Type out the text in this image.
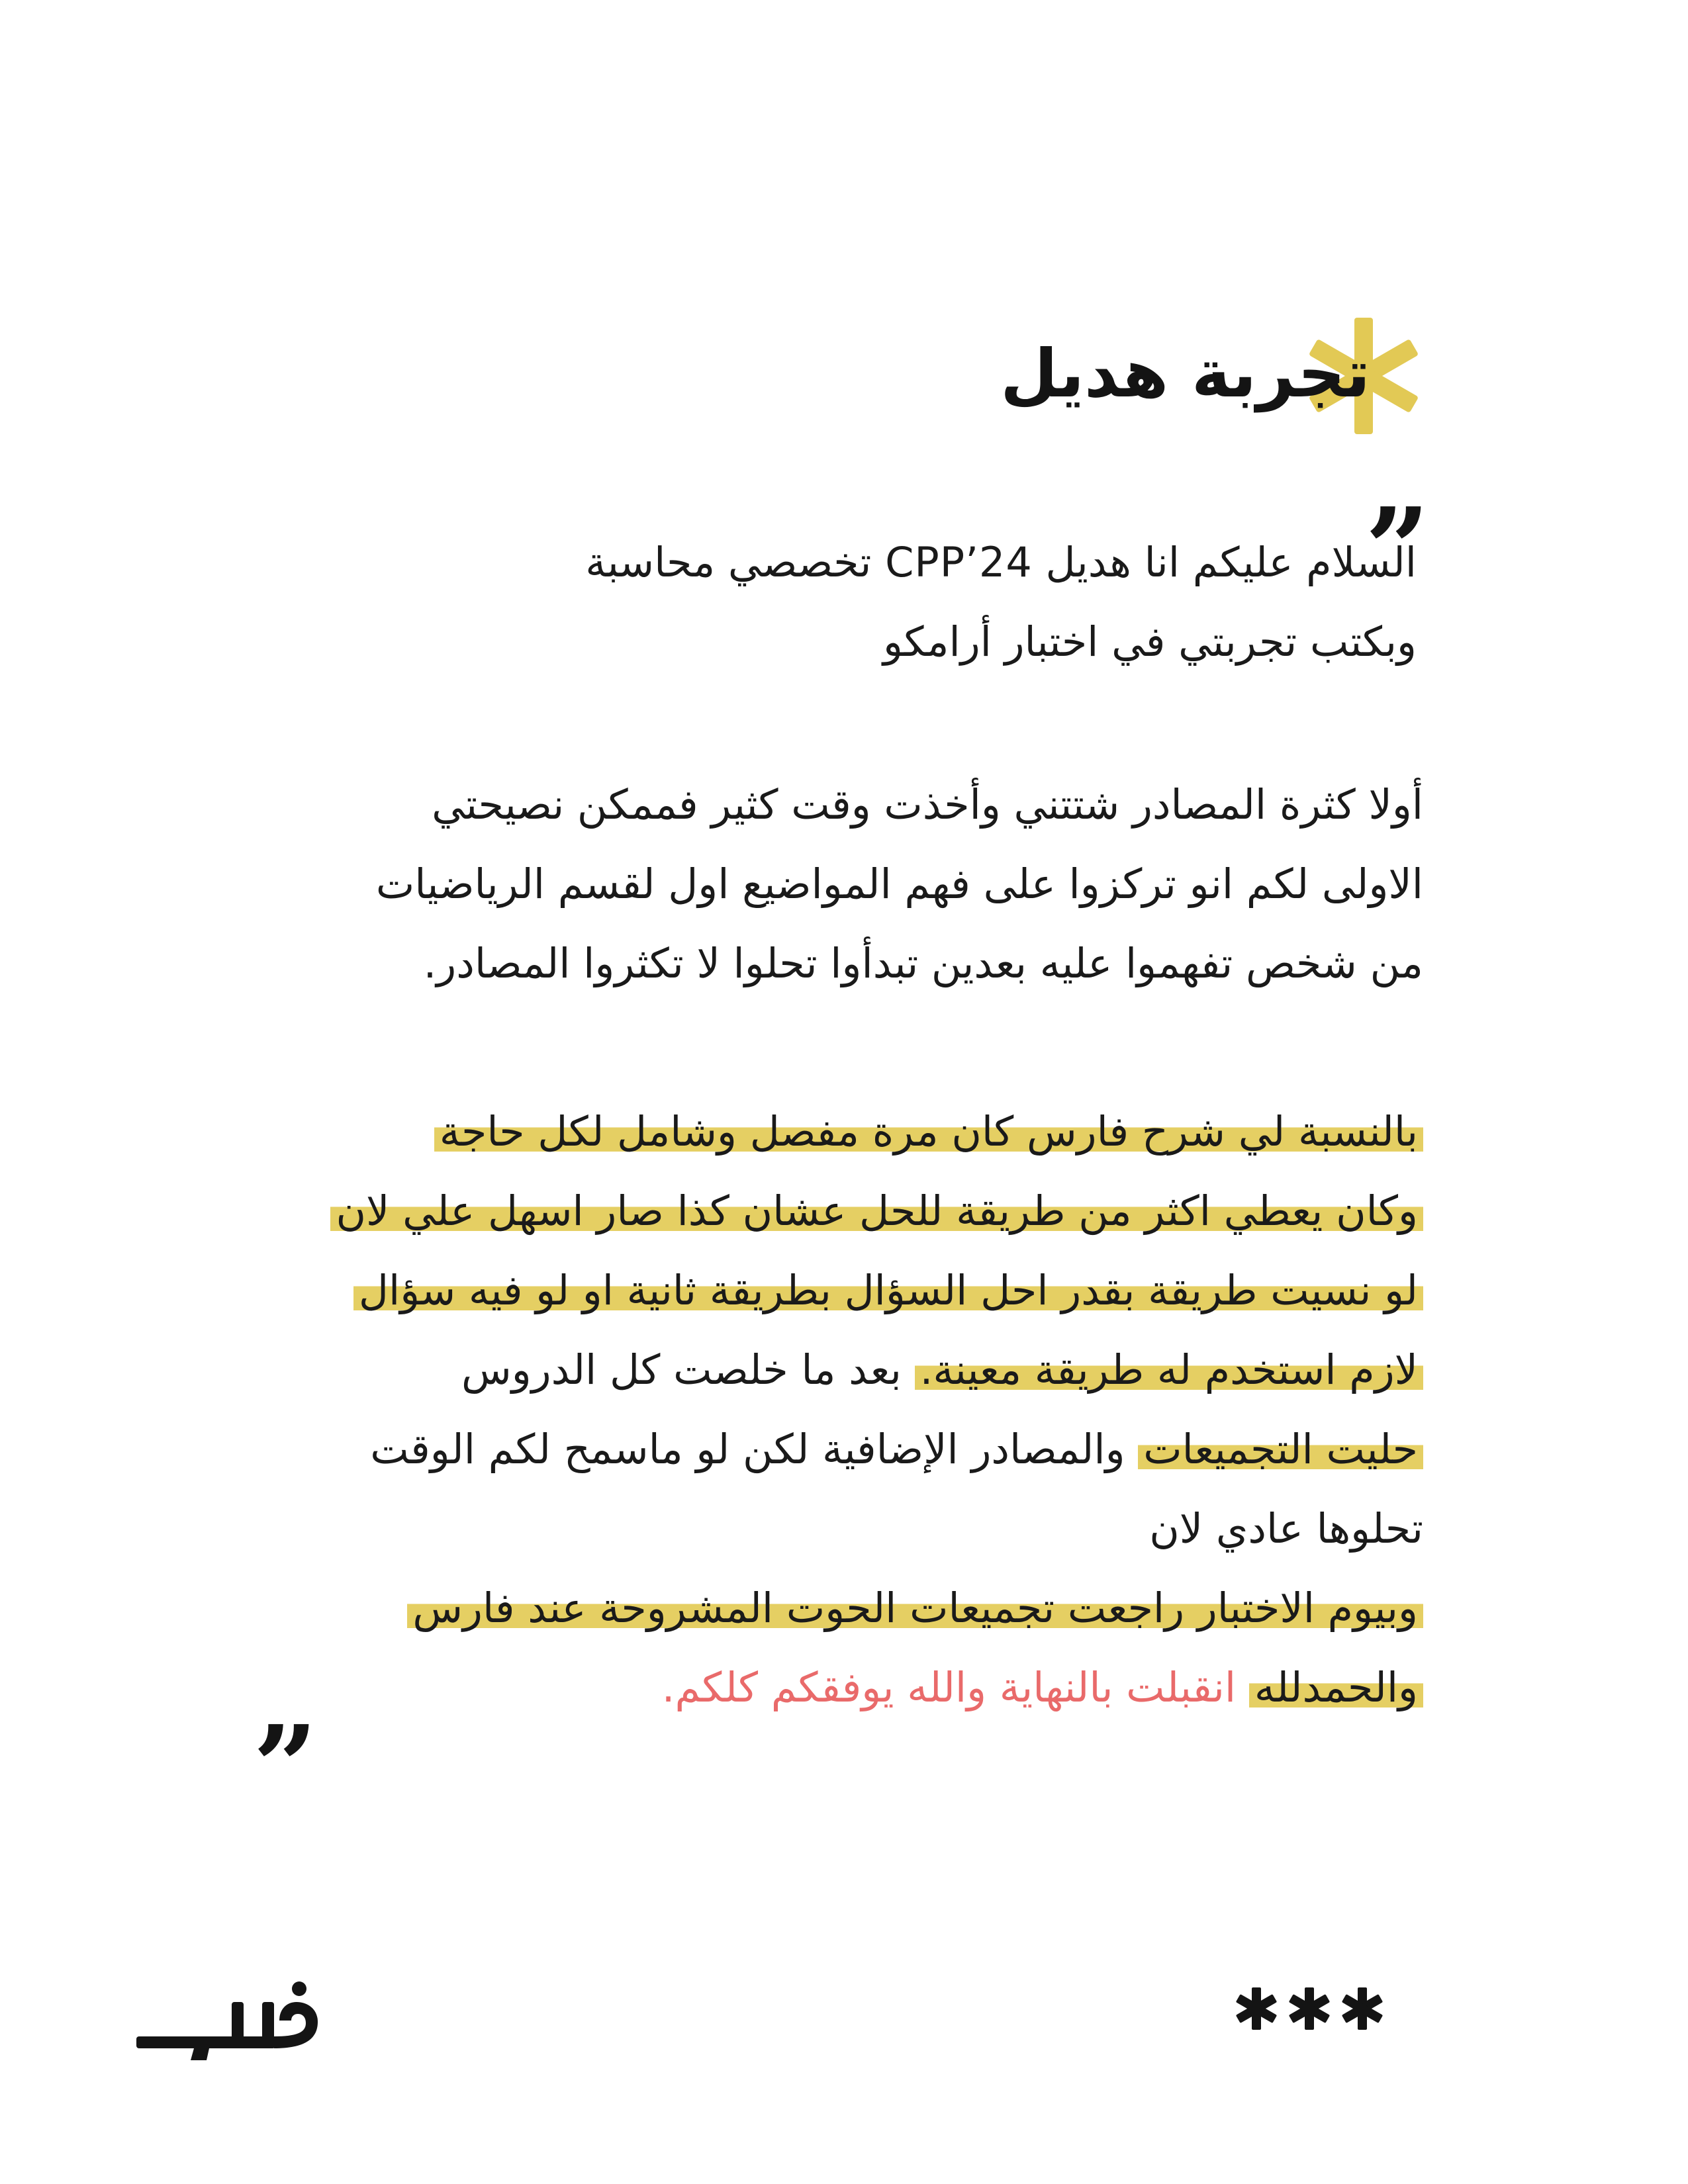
تجربة هديل
”

السلام عليكم انا هديل CPP’24 تخصصي محاسبة
وبكتب تجربتي في اختبار أرامكو

أولا كثرة المصادر شتتني وأخذت وقت كثير فممكن نصيحتي
الاولى لكم انو تركزوا على فهم المواضيع اول لقسم الرياضيات
من شخص تفهموا عليه بعدين تبدأوا تحلوا لا تكثروا المصادر.

بالنسبة لي شرح فارس كان مرة مفصل وشامل لكل حاجة
وكان يعطي اكثر من طريقة للحل عشان كذا صار اسهل علي لان
لو نسيت طريقة بقدر احل السؤال بطريقة ثانية او لو فيه سؤال
لازم استخدم له طريقة معينة. بعد ما خلصت كل الدروس
حليت التجميعات والمصادر الإضافية لكن لو ماسمح لكم الوقت
تحلوها عادي لان
وبيوم الاختبار راجعت تجميعات الحوت المشروحة عند فارس
والحمدلله انقبلت بالنهاية والله يوفقكم كلكم.

”
